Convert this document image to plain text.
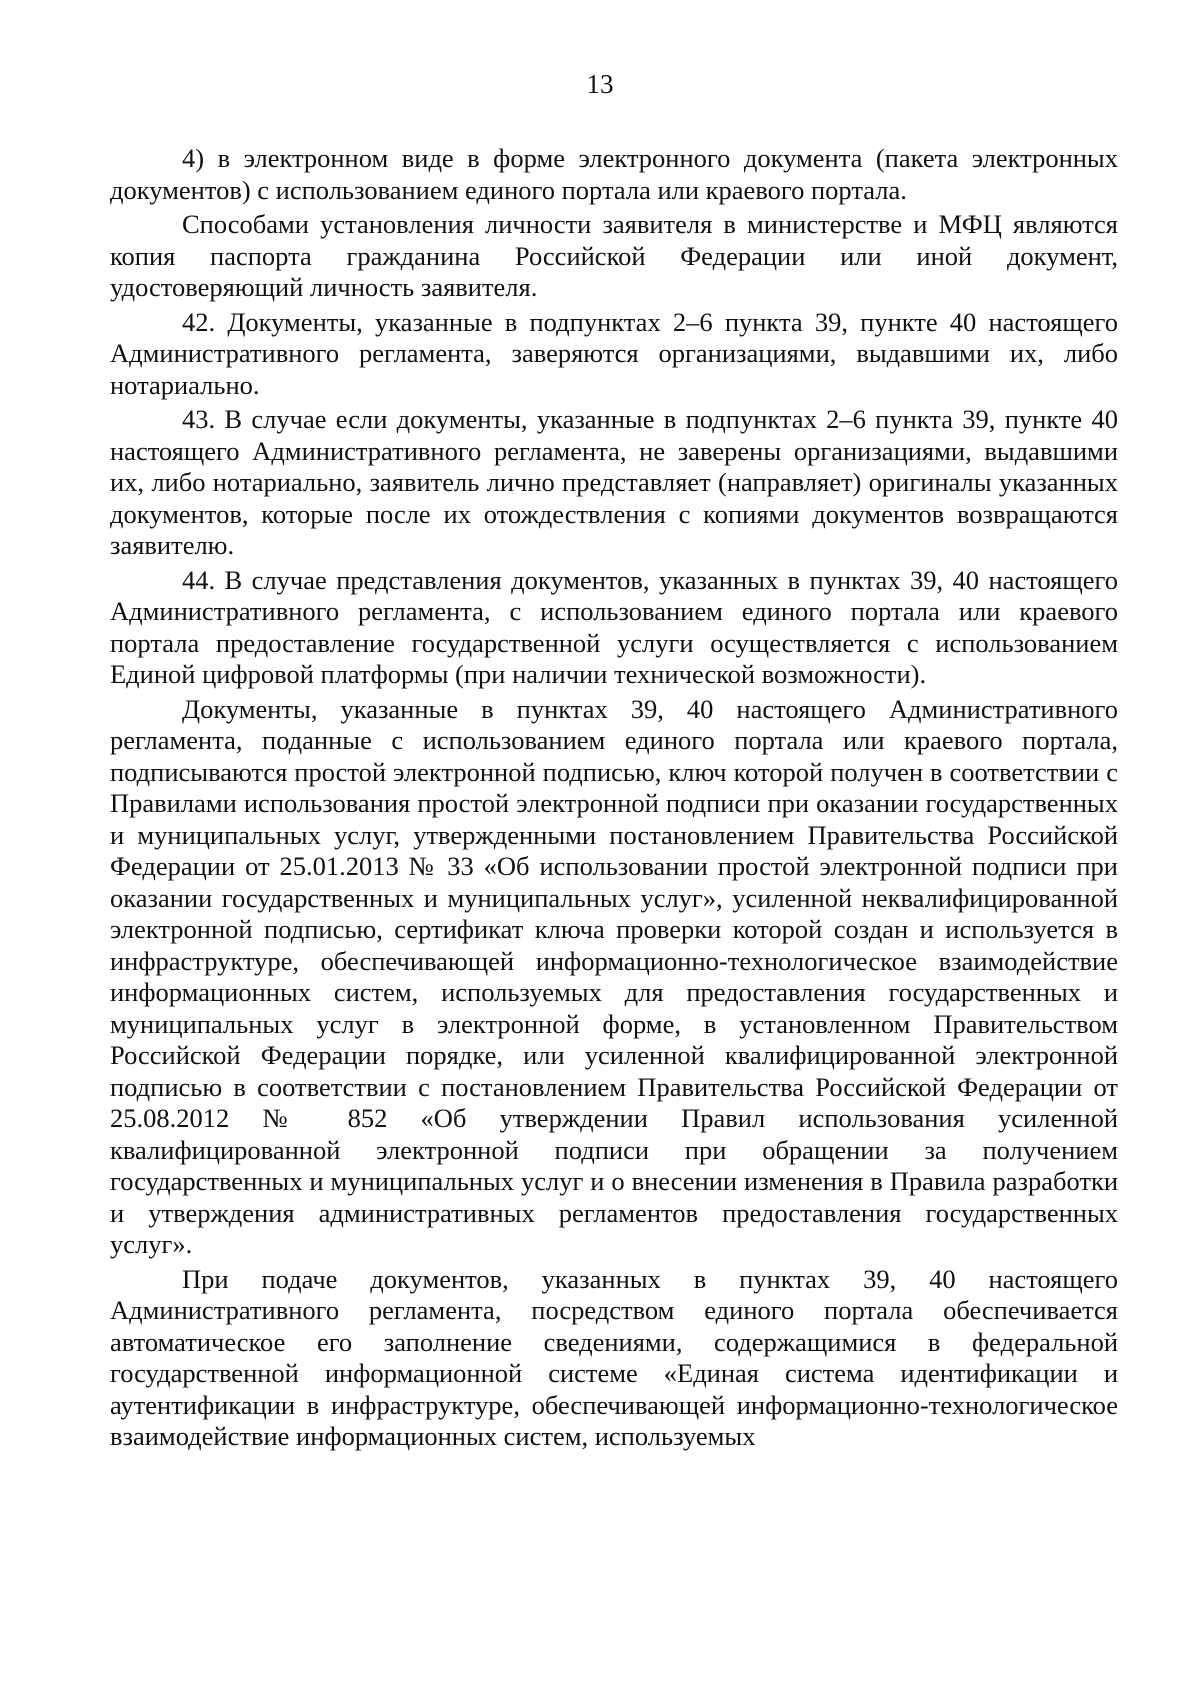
13

4) в электронном виде в форме электронного документа (пакета электронных документов) с использованием единого портала или краевого портала.

Способами установления личности заявителя в министерстве и МФЦ являются копия паспорта гражданина Российской Федерации или иной документ, удостоверяющий личность заявителя.

42. Документы, указанные в подпунктах 2–6 пункта 39, пункте 40 настоящего Административного регламента, заверяются организациями, выдавшими их, либо нотариально.

43. В случае если документы, указанные в подпунктах 2–6 пункта 39, пункте 40 настоящего Административного регламента, не заверены организациями, выдавшими их, либо нотариально, заявитель лично представляет (направляет) оригиналы указанных документов, которые после их отождествления с копиями документов возвращаются заявителю.

44. В случае представления документов, указанных в пунктах 39, 40 настоящего Административного регламента, с использованием единого портала или краевого портала предоставление государственной услуги осуществляется с использованием Единой цифровой платформы (при наличии технической возможности).

Документы, указанные в пунктах 39, 40 настоящего Административного регламента, поданные с использованием единого портала или краевого портала, подписываются простой электронной подписью, ключ которой получен в соответствии с Правилами использования простой электронной подписи при оказании государственных и муниципальных услуг, утвержденными постановлением Правительства Российской Федерации от 25.01.2013 № 33 «Об использовании простой электронной подписи при оказании государственных и муниципальных услуг», усиленной неквалифицированной электронной подписью, сертификат ключа проверки которой создан и используется в инфраструктуре, обеспечивающей информационно-технологическое взаимодействие информационных систем, используемых для предоставления государственных и муниципальных услуг в электронной форме, в установленном Правительством Российской Федерации порядке, или усиленной квалифицированной электронной подписью в соответствии с постановлением Правительства Российской Федерации от 25.08.2012 № 852 «Об утверждении Правил использования усиленной квалифицированной электронной подписи при обращении за получением государственных и муниципальных услуг и о внесении изменения в Правила разработки и утверждения административных регламентов предоставления государственных услуг».

При подаче документов, указанных в пунктах 39, 40 настоящего Административного регламента, посредством единого портала обеспечивается автоматическое его заполнение сведениями, содержащимися в федеральной государственной информационной системе «Единая система идентификации и аутентификации в инфраструктуре, обеспечивающей информационно-технологическое взаимодействие информационных систем, используемых
